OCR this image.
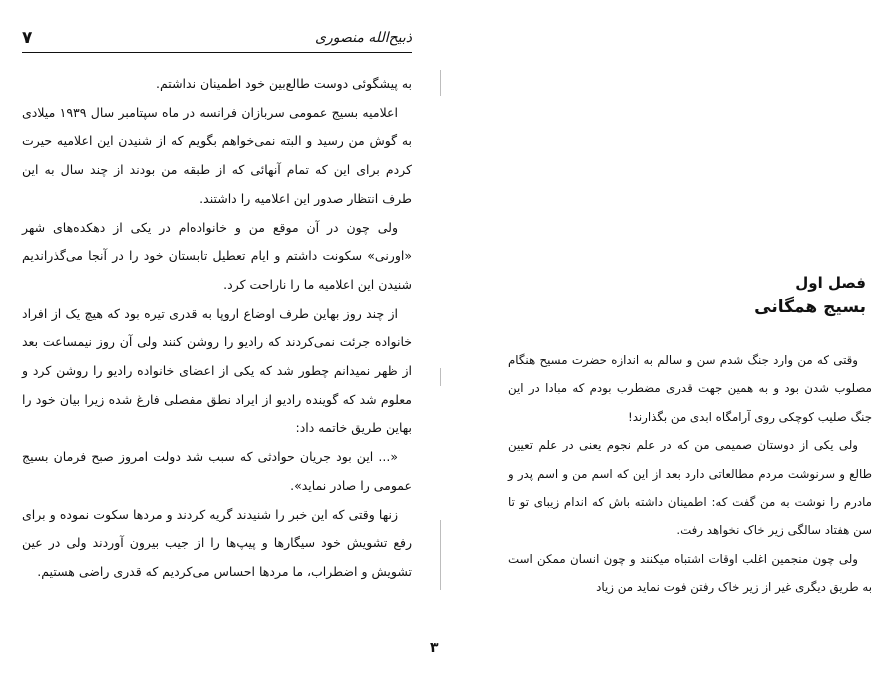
۷	ذبیح‌الله منصوری

به پیشگوئی دوست طالع‌بین خود اطمینان نداشتم.

اعلامیه بسیج عمومی سربازان فرانسه در ماه سپتامبر سال ۱۹۳۹ میلادی به گوش من رسید و البته نمی‌خواهم بگویم که از شنیدن این اعلامیه حیرت کردم برای این که تمام آنهائی که از طبقه من بودند از چند سال به این طرف انتظار صدور این اعلامیه را داشتند.

ولی چون در آن موقع من و خانواده‌ام در یکی از دهکده‌های شهر «اورنی» سکونت داشتم و ایام تعطیل تابستان خود را در آنجا می‌گذراندیم شنیدن این اعلامیه ما را ناراحت کرد.

از چند روز بهاین طرف اوضاع اروپا به قدری تیره بود که هیچ یک از افراد خانواده جرئت نمی‌کردند که رادیو را روشن کنند ولی آن روز نیمساعت بعد از ظهر نمیدانم چطور شد که یکی از اعضای خانواده رادیو را روشن کرد و معلوم شد که گوینده رادیو از ایراد نطق مفصلی فارغ شده زیرا بیان خود را بهاین طریق خاتمه داد:

«... این بود جریان حوادثی که سبب شد دولت امروز صبح فرمان بسیج عمومی را صادر نماید».

زنها وقتی که این خبر را شنیدند گریه کردند و مردها سکوت نموده و برای رفع تشویش خود سیگارها و پیپ‌ها را از جیب بیرون آوردند ولی در عین تشویش و اضطراب، ما مردها احساس می‌کردیم که قدری راضی هستیم.

فصل اول
بسیج همگانی

وقتی که من وارد جنگ شدم سن و سالم به اندازه حضرت مسیح هنگام مصلوب شدن بود و به همین جهت قدری مضطرب بودم که مبادا در این جنگ صلیب کوچکی روی آرامگاه ابدی من بگذارند!

ولی یکی از دوستان صمیمی من که در علم نجوم یعنی در علم تعیین طالع و سرنوشت مردم مطالعاتی دارد بعد از این که اسم من و اسم پدر و مادرم را نوشت به من گفت که: اطمینان داشته باش که اندام زیبای تو تا سن هفتاد سالگی زیر خاک نخواهد رفت.

ولی چون منجمین اغلب اوقات اشتباه میکنند و چون انسان ممکن است به طریق دیگری غیر از زیر خاک رفتن فوت نماید من زیاد

۳
